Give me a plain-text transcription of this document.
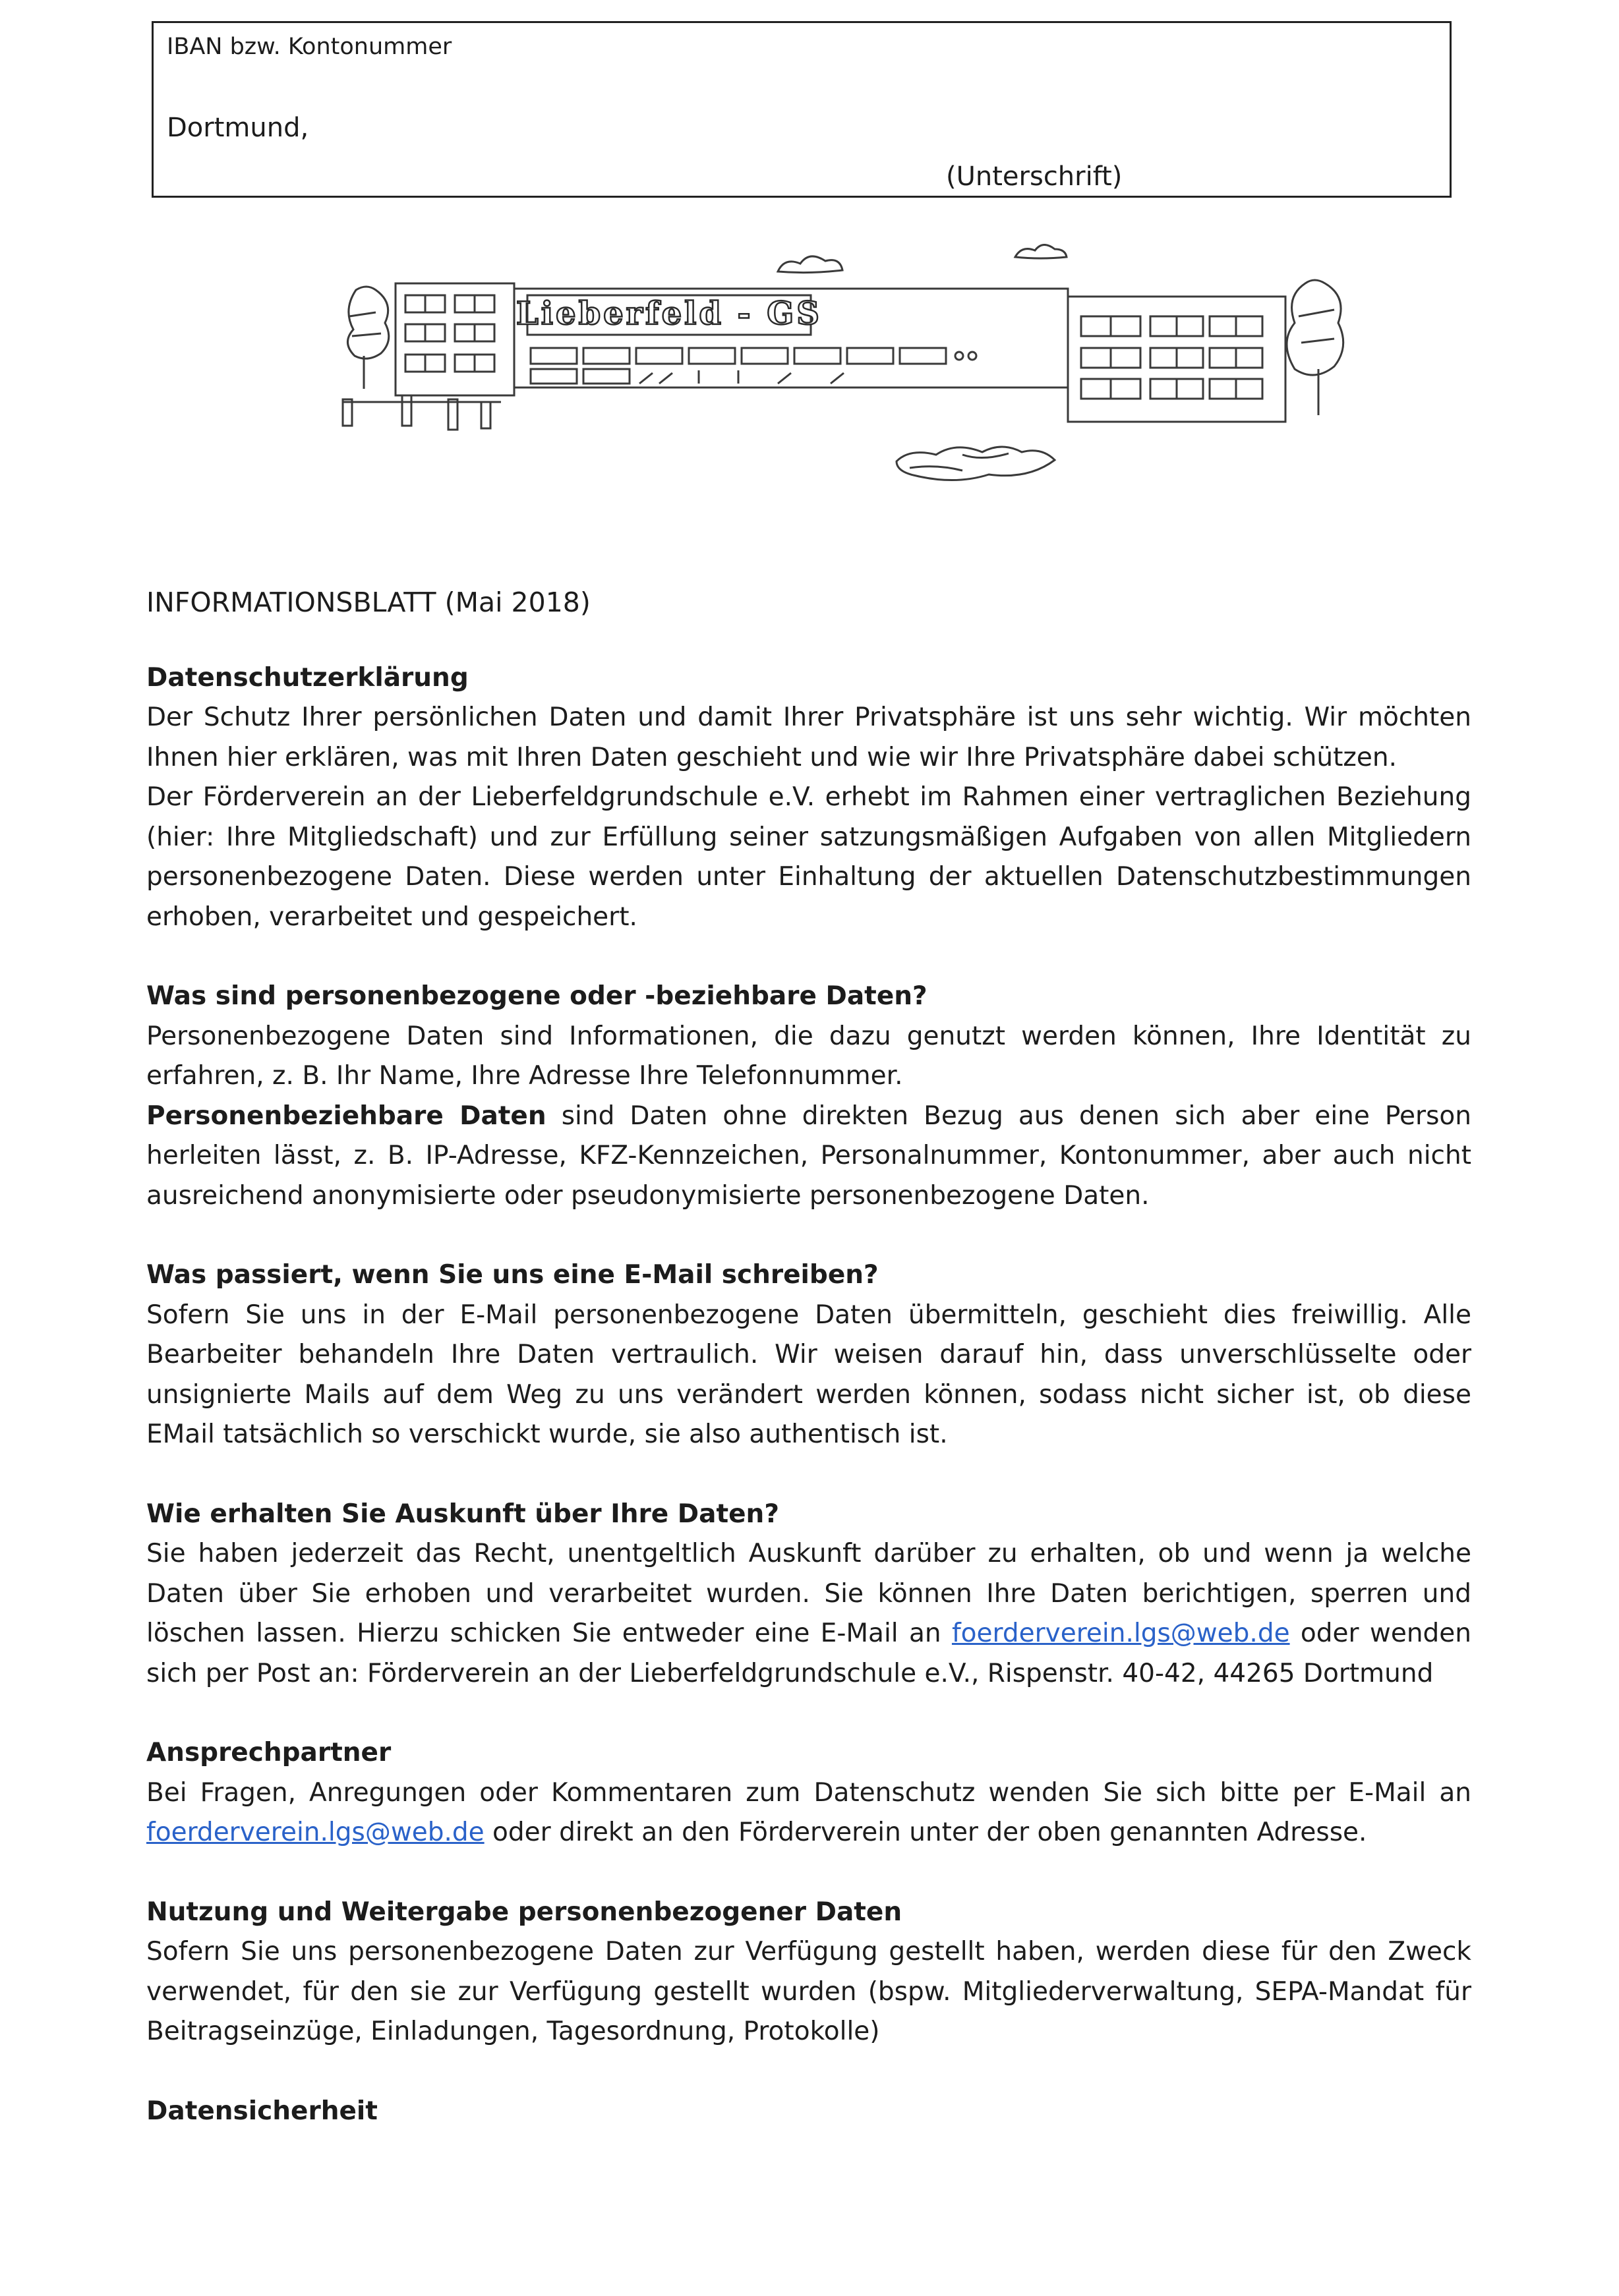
IBAN bzw. Kontonummer
Dortmund,
(Unterschrift)
Lieberfeld - GS

INFORMATIONSBLATT (Mai 2018)

Datenschutzerklärung

Der Schutz Ihrer persönlichen Daten und damit Ihrer Privatsphäre ist uns sehr wichtig. Wir möchten Ihnen hier erklären, was mit Ihren Daten geschieht und wie wir Ihre Privatsphäre dabei schützen.

Der Förderverein an der Lieberfeldgrundschule e.V. erhebt im Rahmen einer vertraglichen Beziehung (hier: Ihre Mitgliedschaft) und zur Erfüllung seiner satzungsmäßigen Aufgaben von allen Mitgliedern personenbezogene Daten. Diese werden unter Einhaltung der aktuellen Datenschutzbestimmungen erhoben, verarbeitet und gespeichert.

Was sind personenbezogene oder -beziehbare Daten?

Personenbezogene Daten sind Informationen, die dazu genutzt werden können, Ihre Identität zu erfahren, z. B. Ihr Name, Ihre Adresse Ihre Telefonnummer.

Personenbeziehbare Daten sind Daten ohne direkten Bezug aus denen sich aber eine Person herleiten lässt, z. B. IP-Adresse, KFZ-Kennzeichen, Personalnummer, Kontonummer, aber auch nicht ausreichend anonymisierte oder pseudonymisierte personenbezogene Daten.

Was passiert, wenn Sie uns eine E-Mail schreiben?

Sofern Sie uns in der E-Mail personenbezogene Daten übermitteln, geschieht dies freiwillig. Alle Bearbeiter behandeln Ihre Daten vertraulich. Wir weisen darauf hin, dass unverschlüsselte oder unsignierte Mails auf dem Weg zu uns verändert werden können, sodass nicht sicher ist, ob diese EMail tatsächlich so verschickt wurde, sie also authentisch ist.

Wie erhalten Sie Auskunft über Ihre Daten?

Sie haben jederzeit das Recht, unentgeltlich Auskunft darüber zu erhalten, ob und wenn ja welche Daten über Sie erhoben und verarbeitet wurden. Sie können Ihre Daten berichtigen, sperren und löschen lassen. Hierzu schicken Sie entweder eine E-Mail an foerderverein.lgs@web.de oder wenden sich per Post an: Förderverein an der Lieberfeldgrundschule e.V., Rispenstr. 40-42, 44265 Dortmund

Ansprechpartner

Bei Fragen, Anregungen oder Kommentaren zum Datenschutz wenden Sie sich bitte per E-Mail an foerderverein.lgs@web.de oder direkt an den Förderverein unter der oben genannten Adresse.

Nutzung und Weitergabe personenbezogener Daten

Sofern Sie uns personenbezogene Daten zur Verfügung gestellt haben, werden diese für den Zweck verwendet, für den sie zur Verfügung gestellt wurden (bspw. Mitgliederverwaltung, SEPA-Mandat für Beitragseinzüge, Einladungen, Tagesordnung, Protokolle)

Datensicherheit
